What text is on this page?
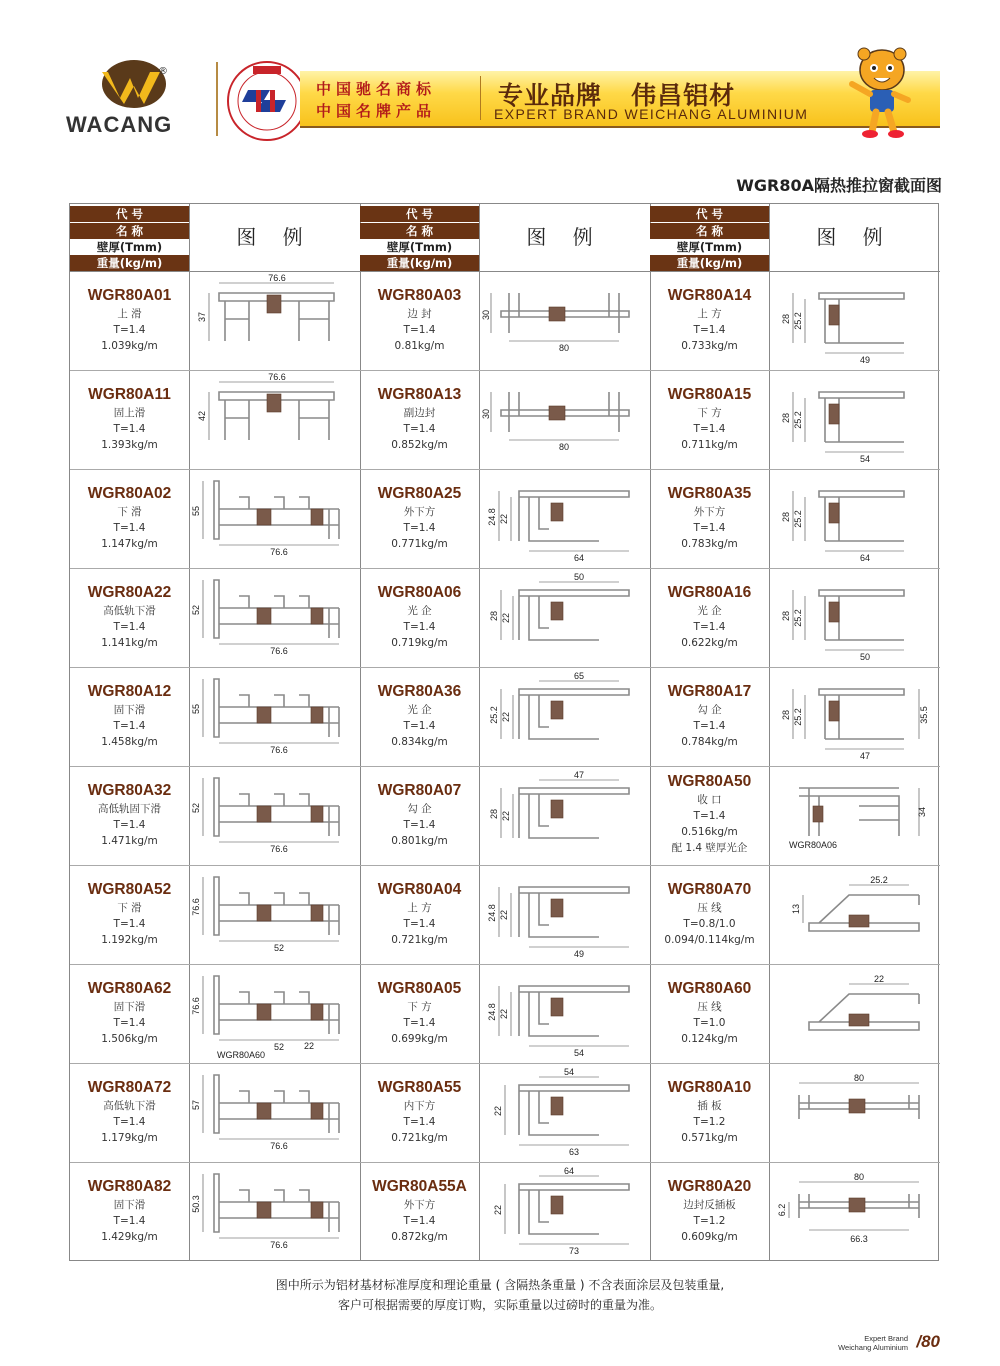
®
WACANG
中国驰名商标
中国名牌产品
专业品牌   伟昌铝材
EXPERT BRAND WEICHANG ALUMINIUM
WGR80A隔热推拉窗截面图
代 号
名 称
壁厚(Tmm)
重量(kg/m)
图 例
WGR80A01
上 滑
T=1.4
1.039kg/m
76.6
37
WGR80A11
固上滑
T=1.4
1.393kg/m
76.6
42
WGR80A02
下 滑
T=1.4
1.147kg/m
55
76.6
WGR80A22
高低轨下滑
T=1.4
1.141kg/m
52
76.6
WGR80A12
固下滑
T=1.4
1.458kg/m
55
76.6
WGR80A32
高低轨固下滑
T=1.4
1.471kg/m
52
76.6
WGR80A52
下 滑
T=1.4
1.192kg/m
76.6
52
WGR80A62
固下滑
T=1.4
1.506kg/m
76.6
52 22
WGR80A60
WGR80A72
高低轨下滑
T=1.4
1.179kg/m
57
76.6
WGR80A82
固下滑
T=1.4
1.429kg/m
50.3
76.6
代 号
名 称
壁厚(Tmm)
重量(kg/m)
图 例
WGR80A03
边 封
T=1.4
0.81kg/m
30
80
WGR80A13
副边封
T=1.4
0.852kg/m
30
80
WGR80A25
外下方
T=1.4
0.771kg/m
24.8 22
64
WGR80A06
光 企
T=1.4
0.719kg/m
50
28 22
WGR80A36
光 企
T=1.4
0.834kg/m
65
25.2 22
WGR80A07
勾 企
T=1.4
0.801kg/m
47
28 22
WGR80A04
上 方
T=1.4
0.721kg/m
24.8 22
49
WGR80A05
下 方
T=1.4
0.699kg/m
24.8 22
54
WGR80A55
内下方
T=1.4
0.721kg/m
54
22
63
WGR80A55A
外下方
T=1.4
0.872kg/m
64
22
73
代 号
名 称
壁厚(Tmm)
重量(kg/m)
图 例
WGR80A14
上 方
T=1.4
0.733kg/m
28 25.2
49
WGR80A15
下 方
T=1.4
0.711kg/m
28 25.2
54
WGR80A35
外下方
T=1.4
0.783kg/m
28 25.2
64
WGR80A16
光 企
T=1.4
0.622kg/m
28 25.2
50
WGR80A17
勾 企
T=1.4
0.784kg/m
28 25.2
47
35.5
WGR80A50
收 口
T=1.4
0.516kg/m
配 1.4 壁厚光企
34
WGR80A06
WGR80A70
压 线
T=0.8/1.0
0.094/0.114kg/m
25.2
13
WGR80A60
压 线
T=1.0
0.124kg/m
22
WGR80A10
插 板
T=1.2
0.571kg/m
80
WGR80A20
边封反插板
T=1.2
0.609kg/m
80
6.2
66.3
图中所示为铝材基材标准厚度和理论重量 ( 含隔热条重量 ) 不含表面涂层及包装重量,
客户可根据需要的厚度订购，实际重量以过磅时的重量为准。
Expert Brand
Weichang Aluminium /80
